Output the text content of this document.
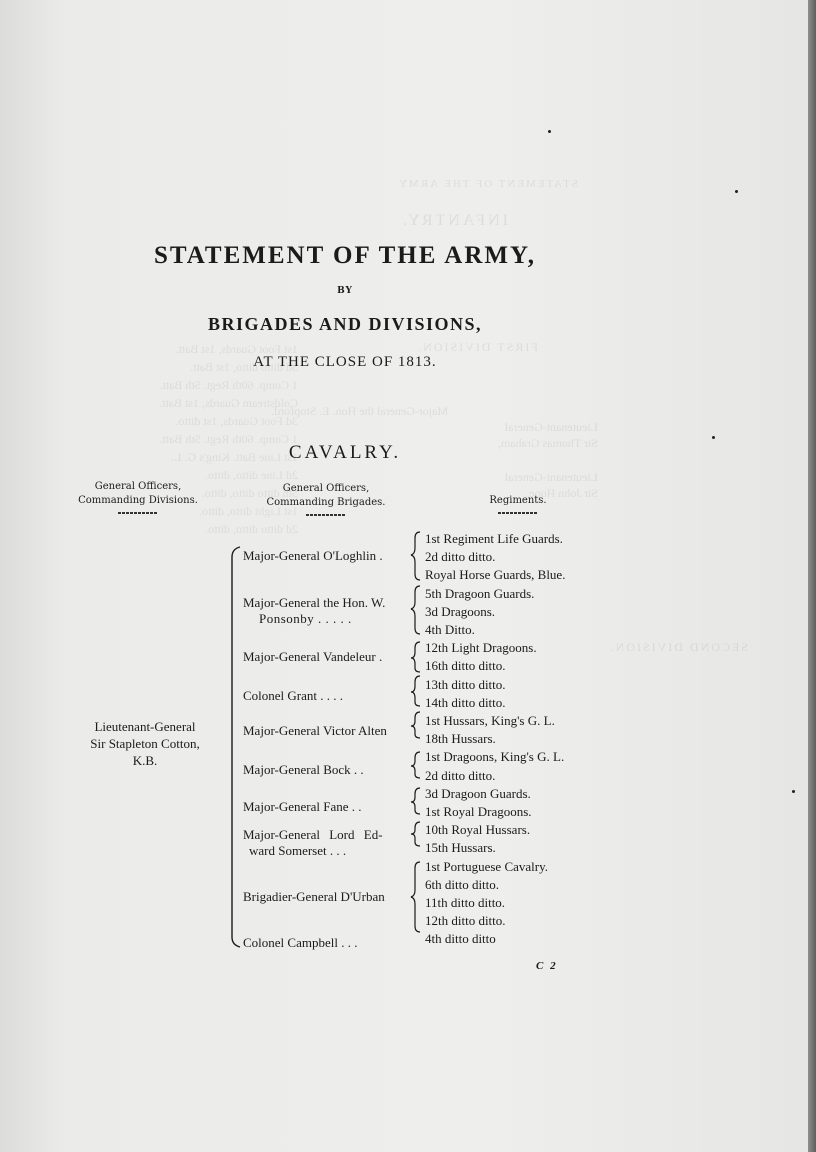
STATEMENT OF THE ARMY
INFANTRY.
FIRST DIVISION.
SECOND DIVISION.
1st Foot Guards, 1st Batt.
3d ditto ditto, 1st Batt.
1 Comp. 60th Regt. 5th Batt.
Coldstream Guards, 1st Batt.
3d Foot Guards, 1st ditto.
1 Comp. 60th Regt. 5th Batt.
1st Line Batt. King's G. L.
2d Line ditto, ditto.
5th ditto ditto, ditto.
1st Light ditto, ditto.
2d ditto ditto, ditto.
Lieutenant-General
Sir Thomas Graham,
Lieutenant-General
Sir John Hope.
Major-General the Hon. E. Stopford.
STATEMENT OF THE ARMY,
BY
BRIGADES AND DIVISIONS,
AT THE CLOSE OF 1813.
CAVALRY.
General Officers,
Commanding Divisions.
General Officers,
Commanding Brigades.	Regiments.
Lieutenant-General
Sir Stapleton Cotton,
K.B.
Major-General O'Loghlin .
Major-General the Hon. W.
Ponsonby . . . . .
Major-General Vandeleur .
Colonel Grant . . . .
Major-General Victor Alten
Major-General Bock . .
Major-General Fane . .
Major-General Lord Ed-
ward Somerset . . .
Brigadier-General D'Urban
Colonel Campbell . . .
1st Regiment Life Guards.
2d ditto ditto.
Royal Horse Guards, Blue.
5th Dragoon Guards.
3d Dragoons.
4th Ditto.
12th Light Dragoons.
16th ditto ditto.
13th ditto ditto.
14th ditto ditto.
1st Hussars, King's G. L.
18th Hussars.
1st Dragoons, King's G. L.
2d ditto ditto.
3d Dragoon Guards.
1st Royal Dragoons.
10th Royal Hussars.
15th Hussars.
1st Portuguese Cavalry.
6th ditto ditto.
11th ditto ditto.
12th ditto ditto.
4th ditto ditto
C 2
